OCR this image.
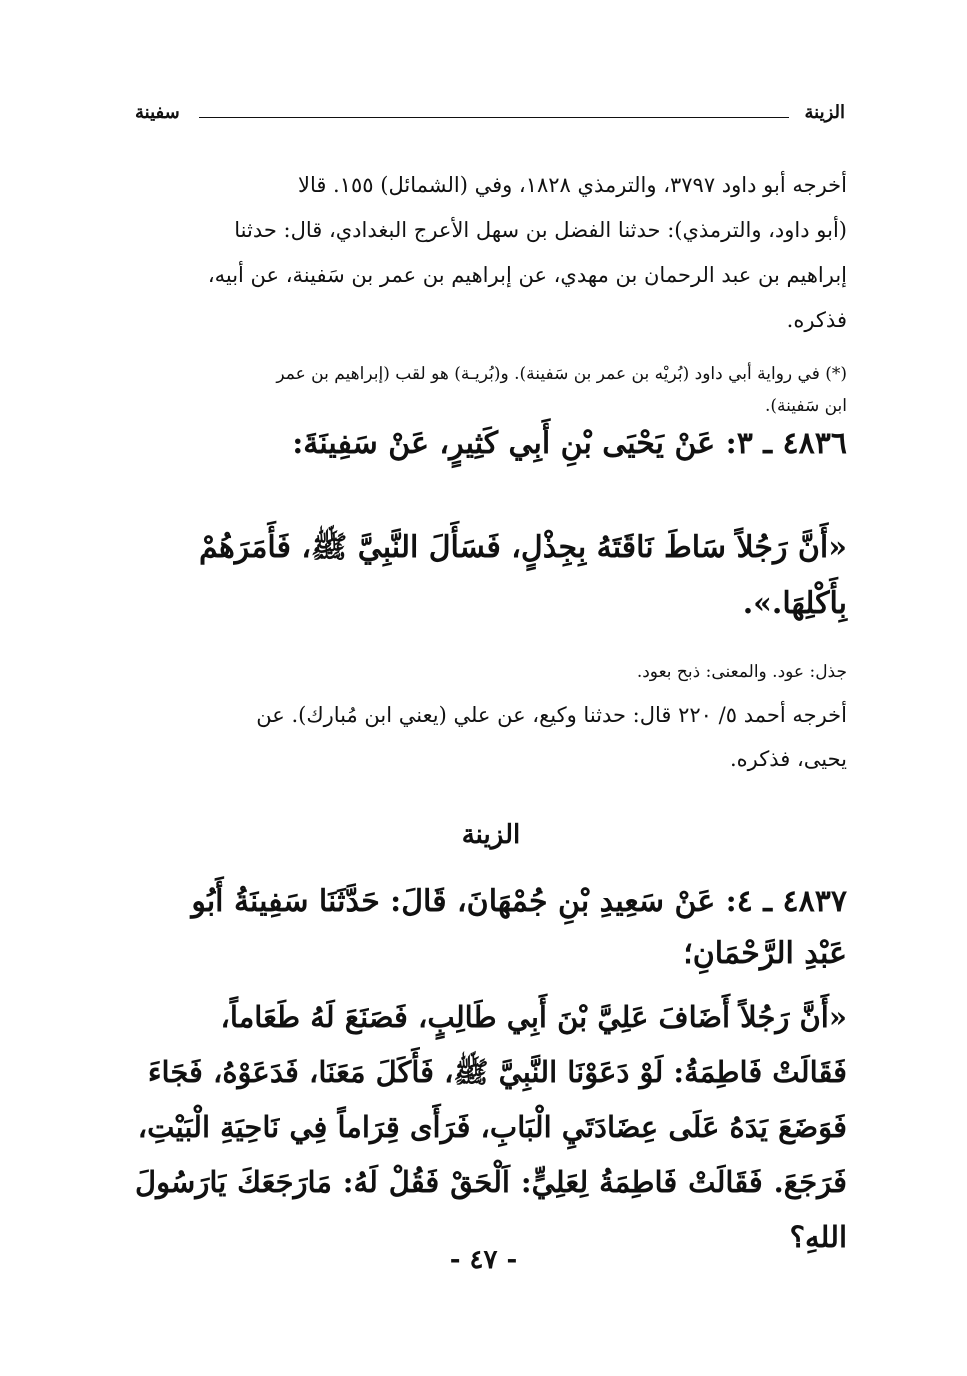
الزينة
سفينة
أخرجه أبو داود ٣٧٩٧، والترمذي ١٨٢٨، وفي (الشمائل) ١٥٥. قالا
(أبو داود، والترمذي): حدثنا الفضل بن سهل الأعرج البغدادي، قال: حدثنا
إبراهيم بن عبد الرحمان بن مهدي، عن إبراهيم بن عمر بن سَفينة، عن أبيه،
فذكره.
(*) في رواية أبي داود (بُريْه بن عمر بن سَفينة). و(بُريـة) هو لقب (إبراهيم بن عمر
ابن سَفينة).
٤٨٣٦ ـ ٣: عَنْ يَحْيَى بْنِ أَبِي كَثِيرٍ، عَنْ سَفِينَةَ:
«أَنَّ رَجُلاً سَاطَ نَاقَتَهُ بِجِذْلٍ، فَسَأَلَ النَّبِيَّ ﷺ، فَأَمَرَهُمْ
بِأَكْلِهَا.».
جذل: عود. والمعنى: ذبح بعود.
أخرجه أحمد ٥/ ٢٢٠ قال: حدثنا وكيع، عن علي (يعني ابن مُبارك). عن
يحيى، فذكره.
الزينة
٤٨٣٧ ـ ٤: عَنْ سَعِيدِ بْنِ جُمْهَانَ، قَالَ: حَدَّثَنَا سَفِينَةُ أَبُو
عَبْدِ الرَّحْمَانِ؛
«أَنَّ رَجُلاً أَضَافَ عَلِيَّ بْنَ أَبِي طَالِبٍ، فَصَنَعَ لَهُ طَعَاماً،
فَقَالَتْ فَاطِمَةُ: لَوْ دَعَوْنَا النَّبِيَّ ﷺ، فَأَكَلَ مَعَنَا، فَدَعَوْهُ، فَجَاءَ
فَوَضَعَ يَدَهُ عَلَى عِضَادَتَيِ الْبَابِ، فَرَأَى قِرَاماً فِي نَاحِيَةِ الْبَيْتِ،
فَرَجَعَ. فَقَالَتْ فَاطِمَةُ لِعَلِيٍّ: اَلْحَقْ فَقُلْ لَهُ: مَارَجَعَكَ يَارَسُولَ اللهِ؟
- ٤٧ -
